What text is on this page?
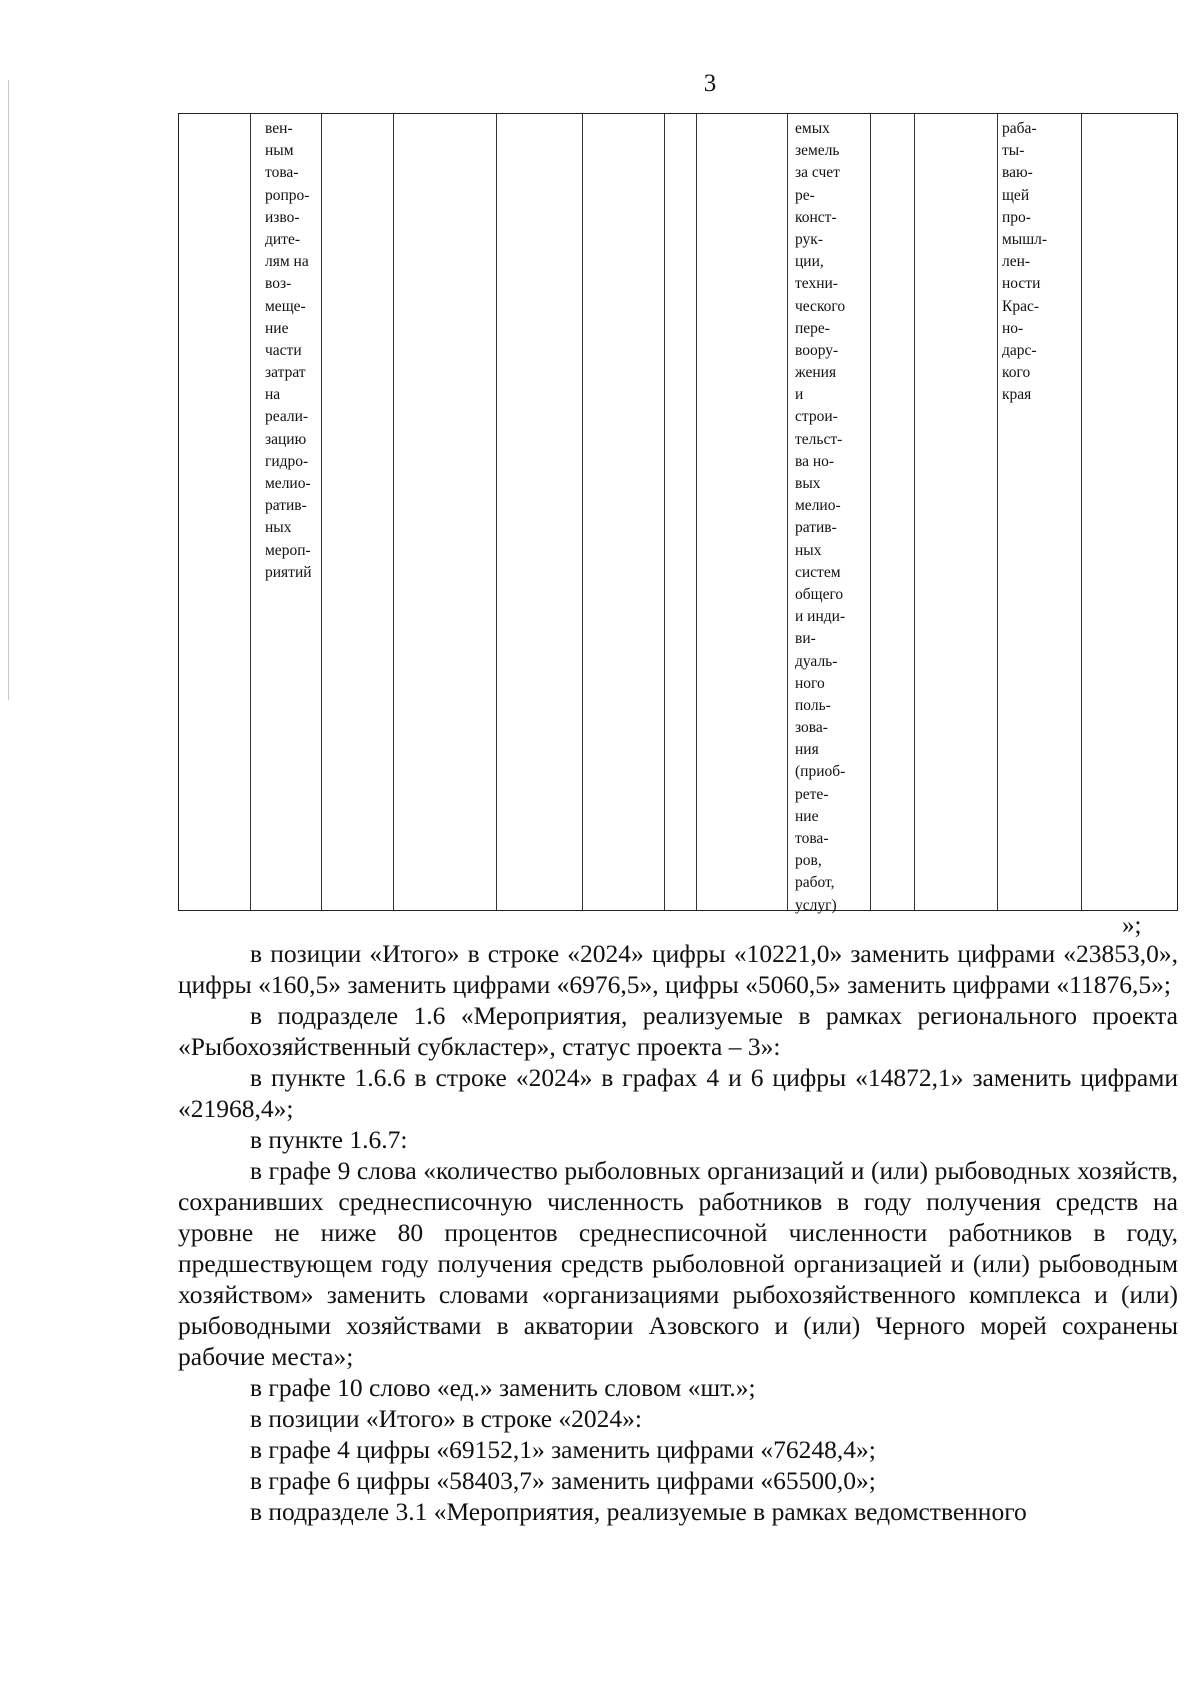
3
вен-
ным
това-
ропро-
изво-
дите-
лям на
воз-
меще-
ние
части
затрат
на
реали-
зацию
гидро-
мелио-
ратив-
ных
мероп-
риятий
емых
земель
за счет
ре-
конст-
рук-
ции,
техни-
ческого
пере-
воору-
жения
и
строи-
тельст-
ва но-
вых
мелио-
ратив-
ных
систем
общего
и инди-
ви-
дуаль-
ного
поль-
зова-
ния
(приоб-
рете-
ние
това-
ров,
работ,
услуг)
раба-
ты-
ваю-
щей
про-
мышл-
лен-
ности
Крас-
но-
дарс-
кого
края
»;

в позиции «Итого» в строке «2024» цифры «10221,0» заменить цифрами «23853,0», цифры «160,5» заменить цифрами «6976,5», цифры «5060,5» заменить цифрами «11876,5»;

в подразделе 1.6 «Мероприятия, реализуемые в рамках регионального проекта «Рыбохозяйственный субкластер», статус проекта – 3»:

в пункте 1.6.6 в строке «2024» в графах 4 и 6 цифры «14872,1» заменить цифрами «21968,4»;

в пункте 1.6.7:

в графе 9 слова «количество рыболовных организаций и (или) рыбоводных хозяйств, сохранивших среднесписочную численность работников в году получения средств на уровне не ниже 80 процентов среднесписочной численности работников в году, предшествующем году получения средств рыболовной организацией и (или) рыбоводным хозяйством» заменить словами «организациями рыбохозяйственного комплекса и (или) рыбоводными хозяйствами в акватории Азовского и (или) Черного морей сохранены рабочие места»;

в графе 10 слово «ед.» заменить словом «шт.»;

в позиции «Итого» в строке «2024»:

в графе 4 цифры «69152,1» заменить цифрами «76248,4»;

в графе 6 цифры «58403,7» заменить цифрами «65500,0»;

в подразделе 3.1 «Мероприятия, реализуемые в рамках ведомственного
